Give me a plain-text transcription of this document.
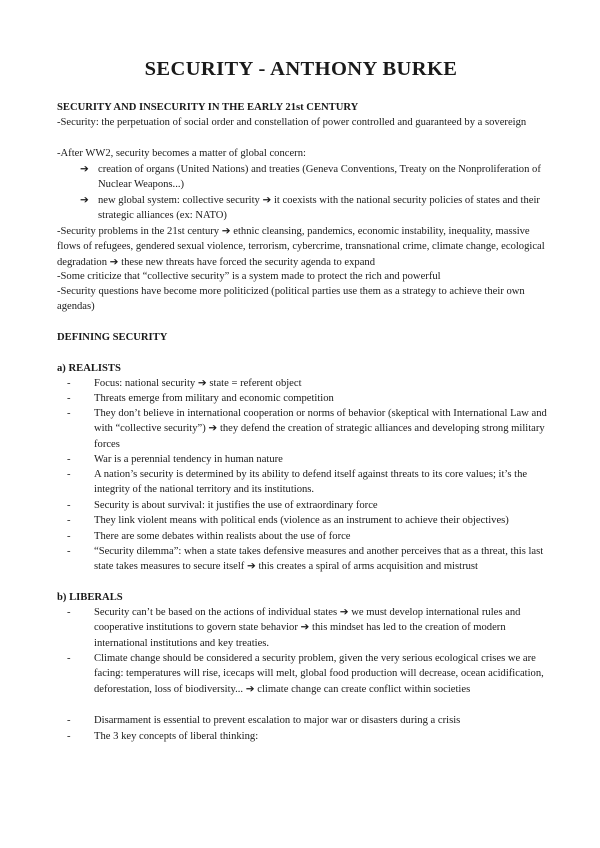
SECURITY - ANTHONY BURKE
SECURITY AND INSECURITY IN THE EARLY 21st CENTURY
-Security: the perpetuation of social order and constellation of power controlled and guaranteed by a sovereign
-After WW2, security becomes a matter of global concern:
➔ creation of organs (United Nations) and treaties (Geneva Conventions, Treaty on the Nonproliferation of Nuclear Weapons...)
➔ new global system: collective security ➔ it coexists with the national security policies of states and their strategic alliances (ex: NATO)
-Security problems in the 21st century ➔ ethnic cleansing, pandemics, economic instability, inequality, massive flows of refugees, gendered sexual violence, terrorism, cybercrime, transnational crime, climate change, ecological degradation ➔ these new threats have forced the security agenda to expand
-Some criticize that “collective security” is a system made to protect the rich and powerful
-Security questions have become more politicized (political parties use them as a strategy to achieve their own agendas)
DEFINING SECURITY
a) REALISTS
- Focus: national security ➔ state = referent object
- Threats emerge from military and economic competition
- They don’t believe in international cooperation or norms of behavior (skeptical with International Law and with “collective security”) ➔ they defend the creation of strategic alliances and developing strong military forces
- War is a perennial tendency in human nature
- A nation’s security is determined by its ability to defend itself against threats to its core values; it’s the integrity of the national territory and its institutions.
- Security is about survival: it justifies the use of extraordinary force
- They link violent means with political ends (violence as an instrument to achieve their objectives)
- There are some debates within realists about the use of force
- “Security dilemma”: when a state takes defensive measures and another perceives that as a threat, this last state takes measures to secure itself ➔ this creates a spiral of arms acquisition and mistrust
b) LIBERALS
- Security can’t be based on the actions of individual states ➔ we must develop international rules and cooperative institutions to govern state behavior ➔ this mindset has led to the creation of modern international institutions and key treaties.
- Climate change should be considered a security problem, given the very serious ecological crises we are facing: temperatures will rise, icecaps will melt, global food production will decrease, ocean acidification, deforestation, loss of biodiversity... ➔ climate change can create conflict within societies
- Disarmament is essential to prevent escalation to major war or disasters during a crisis
- The 3 key concepts of liberal thinking:
